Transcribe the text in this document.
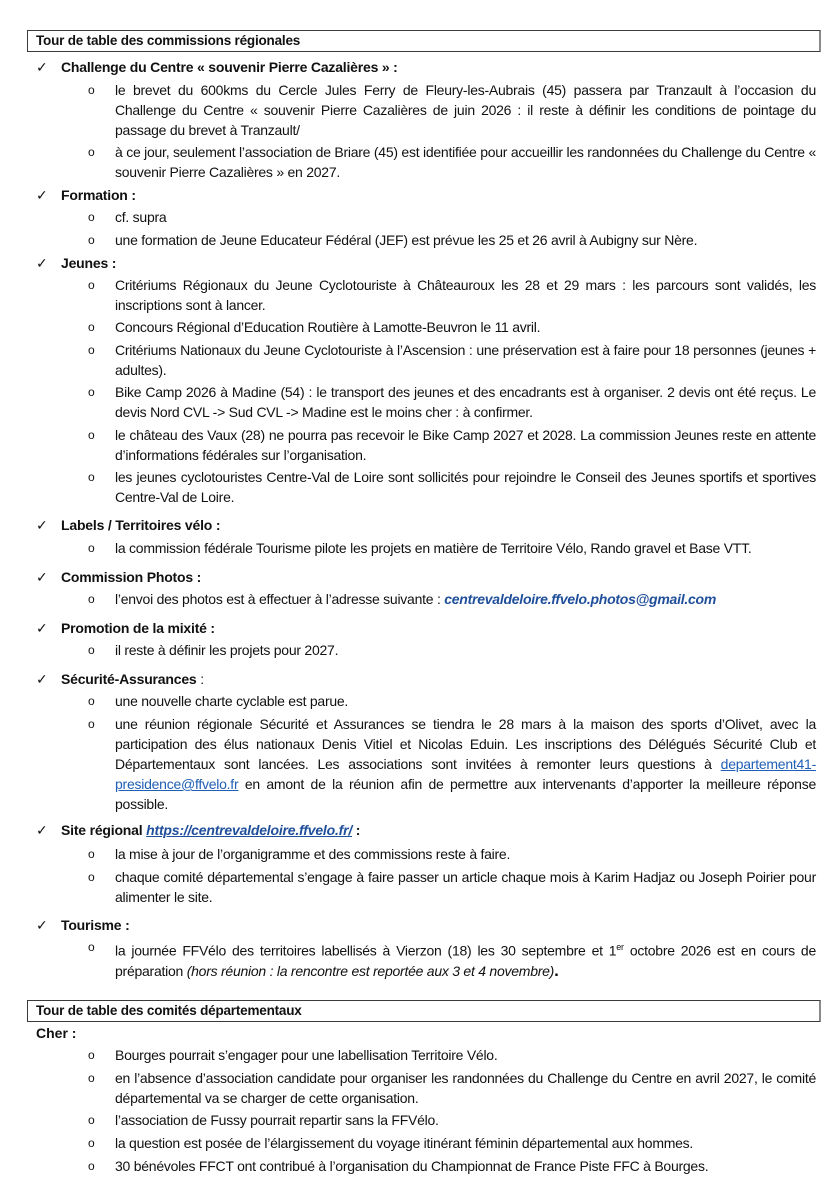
Tour de table des commissions régionales
✓ Challenge du Centre « souvenir Pierre Cazalières » :
o	le brevet du 600kms du Cercle Jules Ferry de Fleury-les-Aubrais (45) passera par Tranzault à l’occasion du Challenge du Centre « souvenir Pierre Cazalières de juin 2026 : il reste à définir les conditions de pointage du passage du brevet à Tranzault/
o	à ce jour, seulement l’association de Briare (45) est identifiée pour accueillir les randonnées du Challenge du Centre « souvenir Pierre Cazalières » en 2027.
✓ Formation :
o	cf. supra
o	une formation de Jeune Educateur Fédéral (JEF) est prévue les 25 et 26 avril à Aubigny sur Nère.
✓ Jeunes :
o	Critériums Régionaux du Jeune Cyclotouriste à Châteauroux les 28 et 29 mars : les parcours sont validés, les inscriptions sont à lancer.
o	Concours Régional d’Education Routière à Lamotte-Beuvron le 11 avril.
o	Critériums Nationaux du Jeune Cyclotouriste à l’Ascension : une préservation est à faire pour 18 personnes (jeunes + adultes).
o	Bike Camp 2026 à Madine (54) : le transport des jeunes et des encadrants est à organiser. 2 devis ont été reçus. Le devis Nord CVL -> Sud CVL -> Madine est le moins cher : à confirmer.
o	le château des Vaux (28) ne pourra pas recevoir le Bike Camp 2027 et 2028. La commission Jeunes reste en attente d’informations fédérales sur l’organisation.
o	les jeunes cyclotouristes Centre-Val de Loire sont sollicités pour rejoindre le Conseil des Jeunes sportifs et sportives Centre-Val de Loire.
✓ Labels / Territoires vélo :
o	la commission fédérale Tourisme pilote les projets en matière de Territoire Vélo, Rando gravel et Base VTT.
✓ Commission Photos :
o	l’envoi des photos est à effectuer à l’adresse suivante : centrevaldeloire.ffvelo.photos@gmail.com
✓ Promotion de la mixité :
o	il reste à définir les projets pour 2027.
✓ Sécurité-Assurances :
o	une nouvelle charte cyclable est parue.
o	une réunion régionale Sécurité et Assurances se tiendra le 28 mars à la maison des sports d’Olivet, avec la participation des élus nationaux Denis Vitiel et Nicolas Eduin. Les inscriptions des Délégués Sécurité Club et Départementaux sont lancées. Les associations sont invitées à remonter leurs questions à departement41-presidence@ffvelo.fr en amont de la réunion afin de permettre aux intervenants d’apporter la meilleure réponse possible.
✓ Site régional https://centrevaldeloire.ffvelo.fr/ :
o	la mise à jour de l’organigramme et des commissions reste à faire.
o	chaque comité départemental s’engage à faire passer un article chaque mois à Karim Hadjaz ou Joseph Poirier pour alimenter le site.
✓ Tourisme :
o	la journée FFVélo des territoires labellisés à Vierzon (18) les 30 septembre et 1er octobre 2026 est en cours de préparation (hors réunion : la rencontre est reportée aux 3 et 4 novembre).
Tour de table des comités départementaux
Cher :
o	Bourges pourrait s’engager pour une labellisation Territoire Vélo.
o	en l’absence d’association candidate pour organiser les randonnées du Challenge du Centre en avril 2027, le comité départemental va se charger de cette organisation.
o	l’association de Fussy pourrait repartir sans la FFVélo.
o	la question est posée de l’élargissement du voyage itinérant féminin départemental aux hommes.
o	30 bénévoles FFCT ont contribué à l’organisation du Championnat de France Piste FFC à Bourges.
